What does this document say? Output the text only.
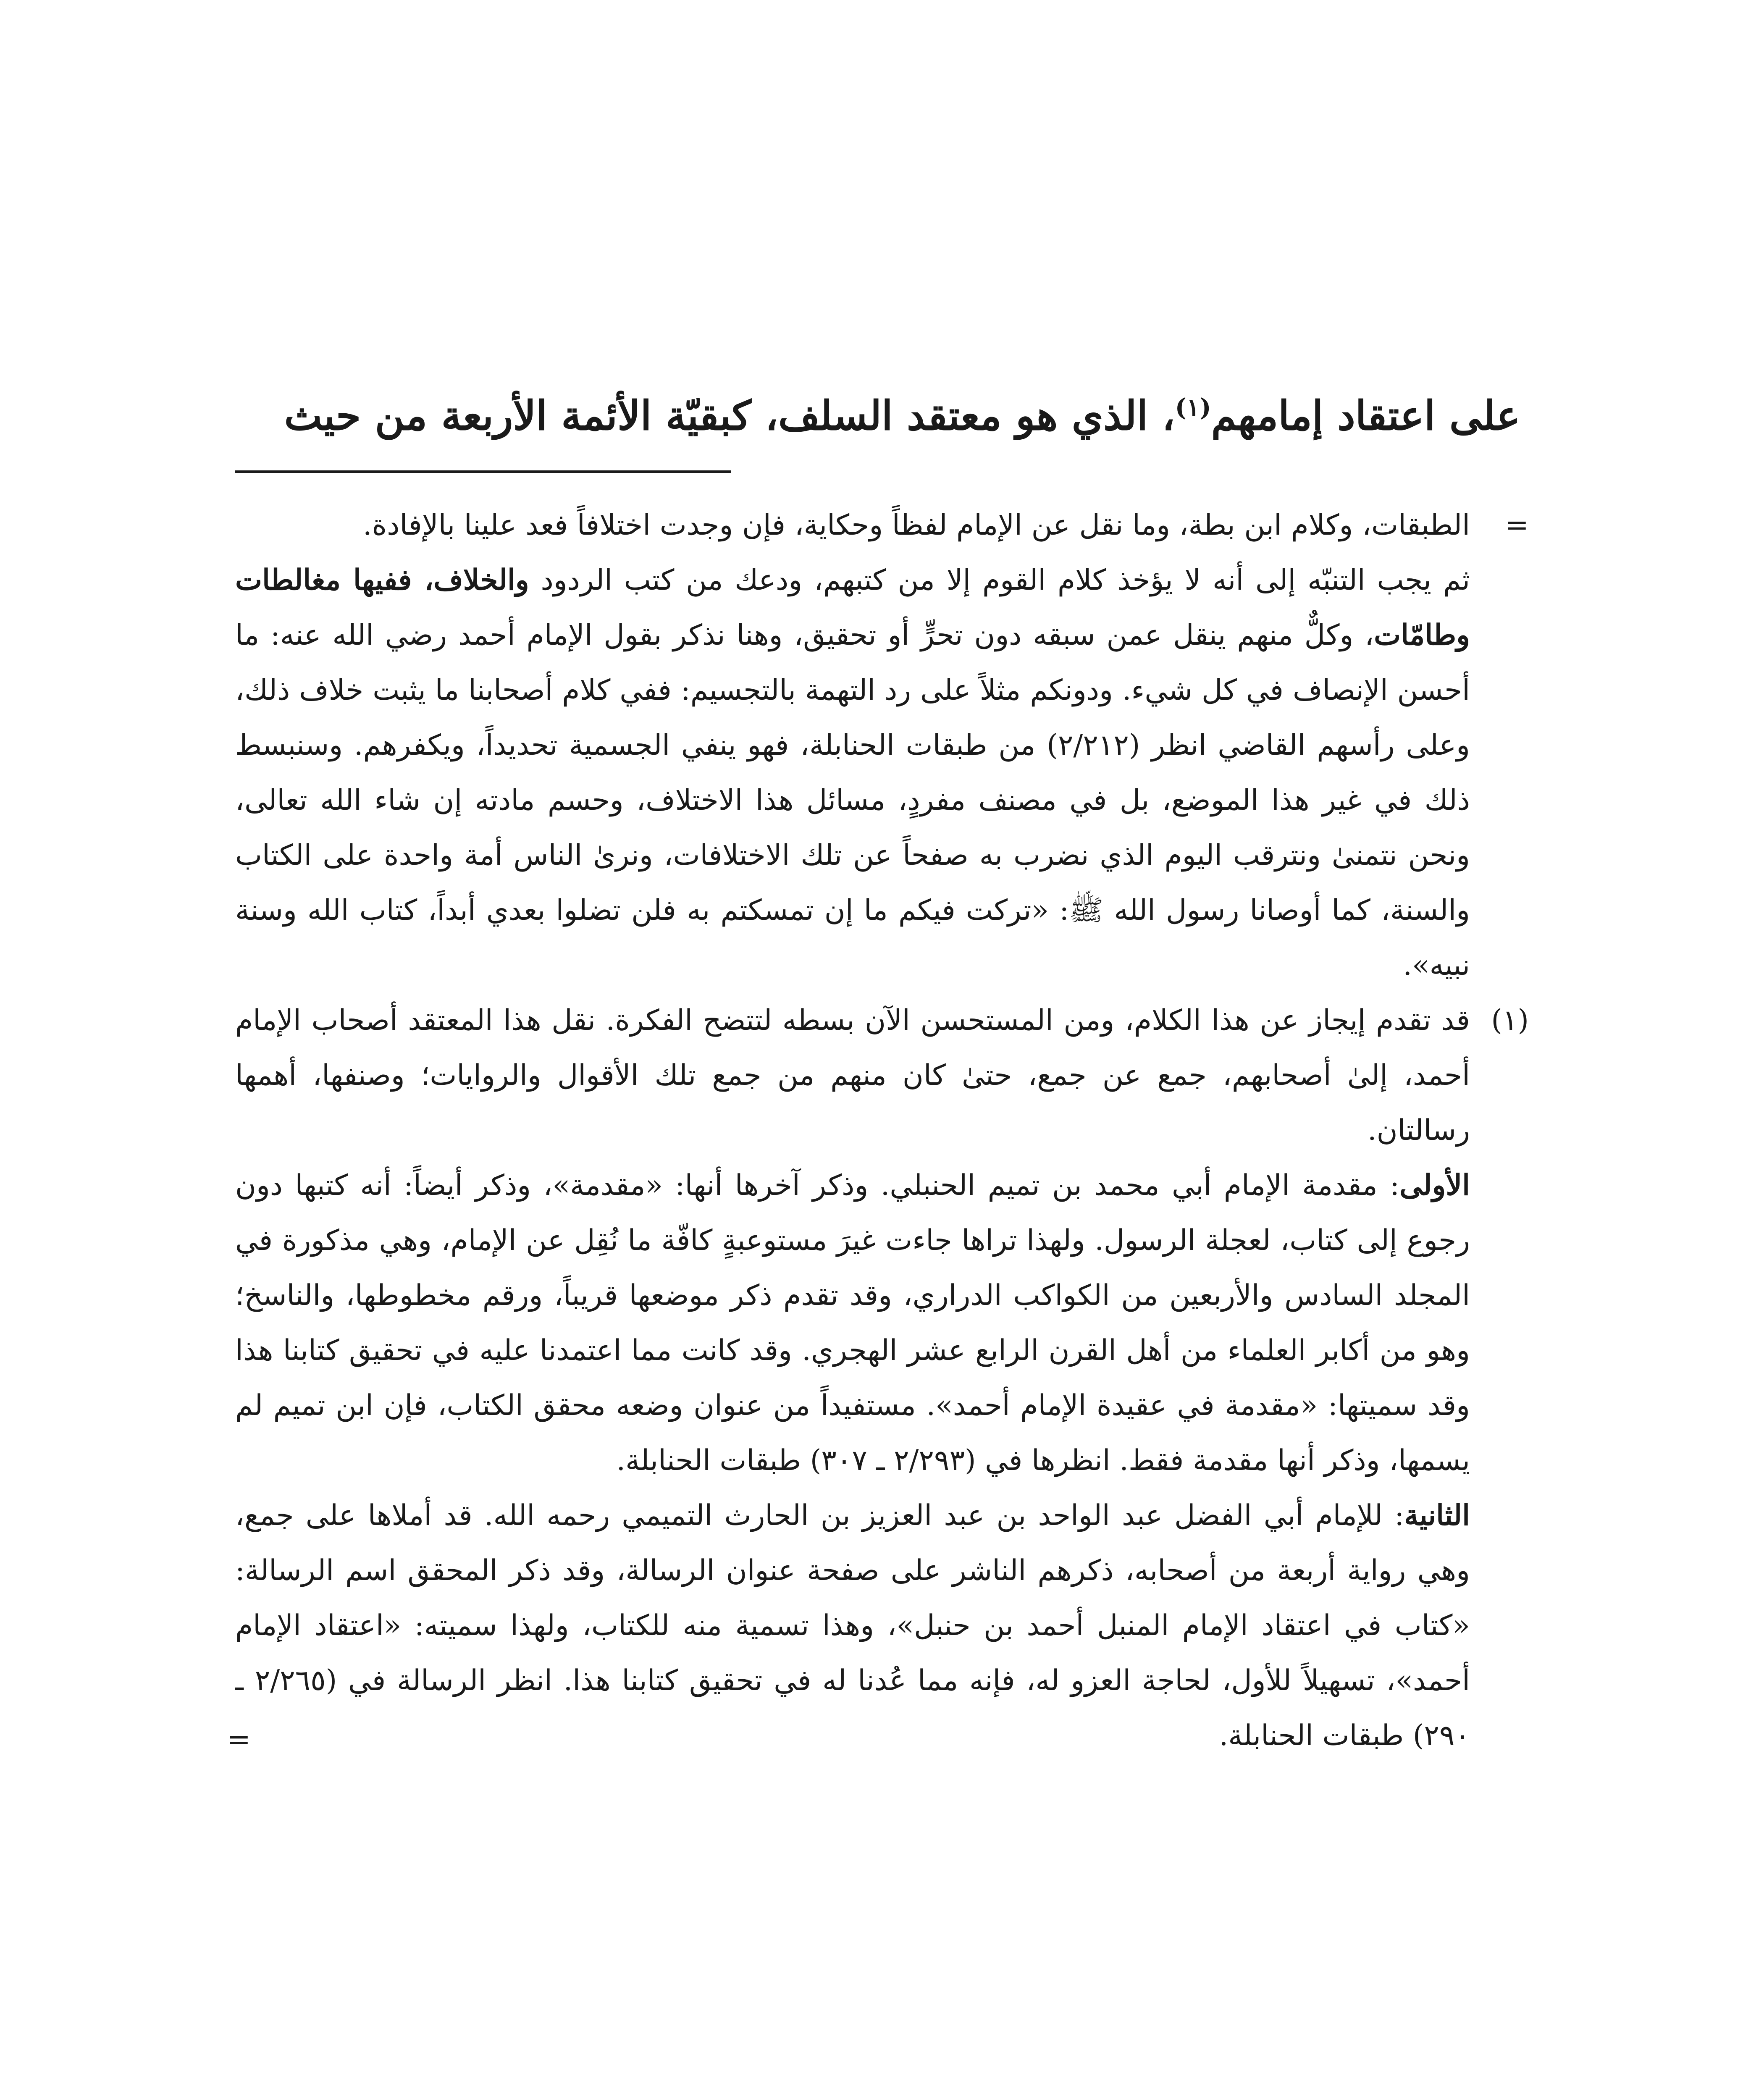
على اعتقاد إمامهم$^{(١)}$، الذي هو معتقد السلف، كبقيّة الأئمة الأربعة من حيث

=
الطبقات، وكلام ابن بطة، وما نقل عن الإمام لفظاً وحكاية، فإن وجدت اختلافاً فعد علينا بالإفادة.

ثم يجب التنبّه إلى أنه لا يؤخذ كلام القوم إلا من كتبهم، ودعك من كتب الردود والخلاف، ففيها مغالطات وطامّات، وكلٌّ منهم ينقل عمن سبقه دون تحرٍّ أو تحقيق، وهنا نذكر بقول الإمام أحمد رضي الله عنه: ما أحسن الإنصاف في كل شيء. ودونكم مثلاً على رد التهمة بالتجسيم: ففي كلام أصحابنا ما يثبت خلاف ذلك، وعلى رأسهم القاضي انظر (٢/٢١٢) من طبقات الحنابلة، فهو ينفي الجسمية تحديداً، ويكفرهم. وسنبسط ذلك في غير هذا الموضع، بل في مصنف مفردٍ، مسائل هذا الاختلاف، وحسم مادته إن شاء الله تعالى، ونحن نتمنىٰ ونترقب اليوم الذي نضرب به صفحاً عن تلك الاختلافات، ونرىٰ الناس أمة واحدة على الكتاب والسنة، كما أوصانا رسول الله ﷺ: «تركت فيكم ما إن تمسكتم به فلن تضلوا بعدي أبداً، كتاب الله وسنة نبيه».

(١)
قد تقدم إيجاز عن هذا الكلام، ومن المستحسن الآن بسطه لتتضح الفكرة. نقل هذا المعتقد أصحاب الإمام أحمد، إلىٰ أصحابهم، جمع عن جمع، حتىٰ كان منهم من جمع تلك الأقوال والروايات؛ وصنفها، أهمها رسالتان.

الأولى: مقدمة الإمام أبي محمد بن تميم الحنبلي. وذكر آخرها أنها: «مقدمة»، وذكر أيضاً: أنه كتبها دون رجوع إلى كتاب، لعجلة الرسول. ولهذا تراها جاءت غيرَ مستوعبةٍ كافّة ما نُقِل عن الإمام، وهي مذكورة في المجلد السادس والأربعين من الكواكب الدراري، وقد تقدم ذكر موضعها قريباً، ورقم مخطوطها، والناسخ؛ وهو من أكابر العلماء من أهل القرن الرابع عشر الهجري. وقد كانت مما اعتمدنا عليه في تحقيق كتابنا هذا وقد سميتها: «مقدمة في عقيدة الإمام أحمد». مستفيداً من عنوان وضعه محقق الكتاب، فإن ابن تميم لم يسمها، وذكر أنها مقدمة فقط. انظرها في (٢/٢٩٣ ـ ٣٠٧) طبقات الحنابلة.

الثانية: للإمام أبي الفضل عبد الواحد بن عبد العزيز بن الحارث التميمي رحمه الله. قد أملاها على جمع، وهي رواية أربعة من أصحابه، ذكرهم الناشر على صفحة عنوان الرسالة، وقد ذكر المحقق اسم الرسالة: «كتاب في اعتقاد الإمام المنبل أحمد بن حنبل»، وهذا تسمية منه للكتاب، ولهذا سميته: «اعتقاد الإمام أحمد»، تسهيلاً للأول، لحاجة العزو له، فإنه مما عُدنا له في تحقيق كتابنا هذا. انظر الرسالة في (٢/٢٦٥ ـ ٢٩٠) طبقات الحنابلة.
=
